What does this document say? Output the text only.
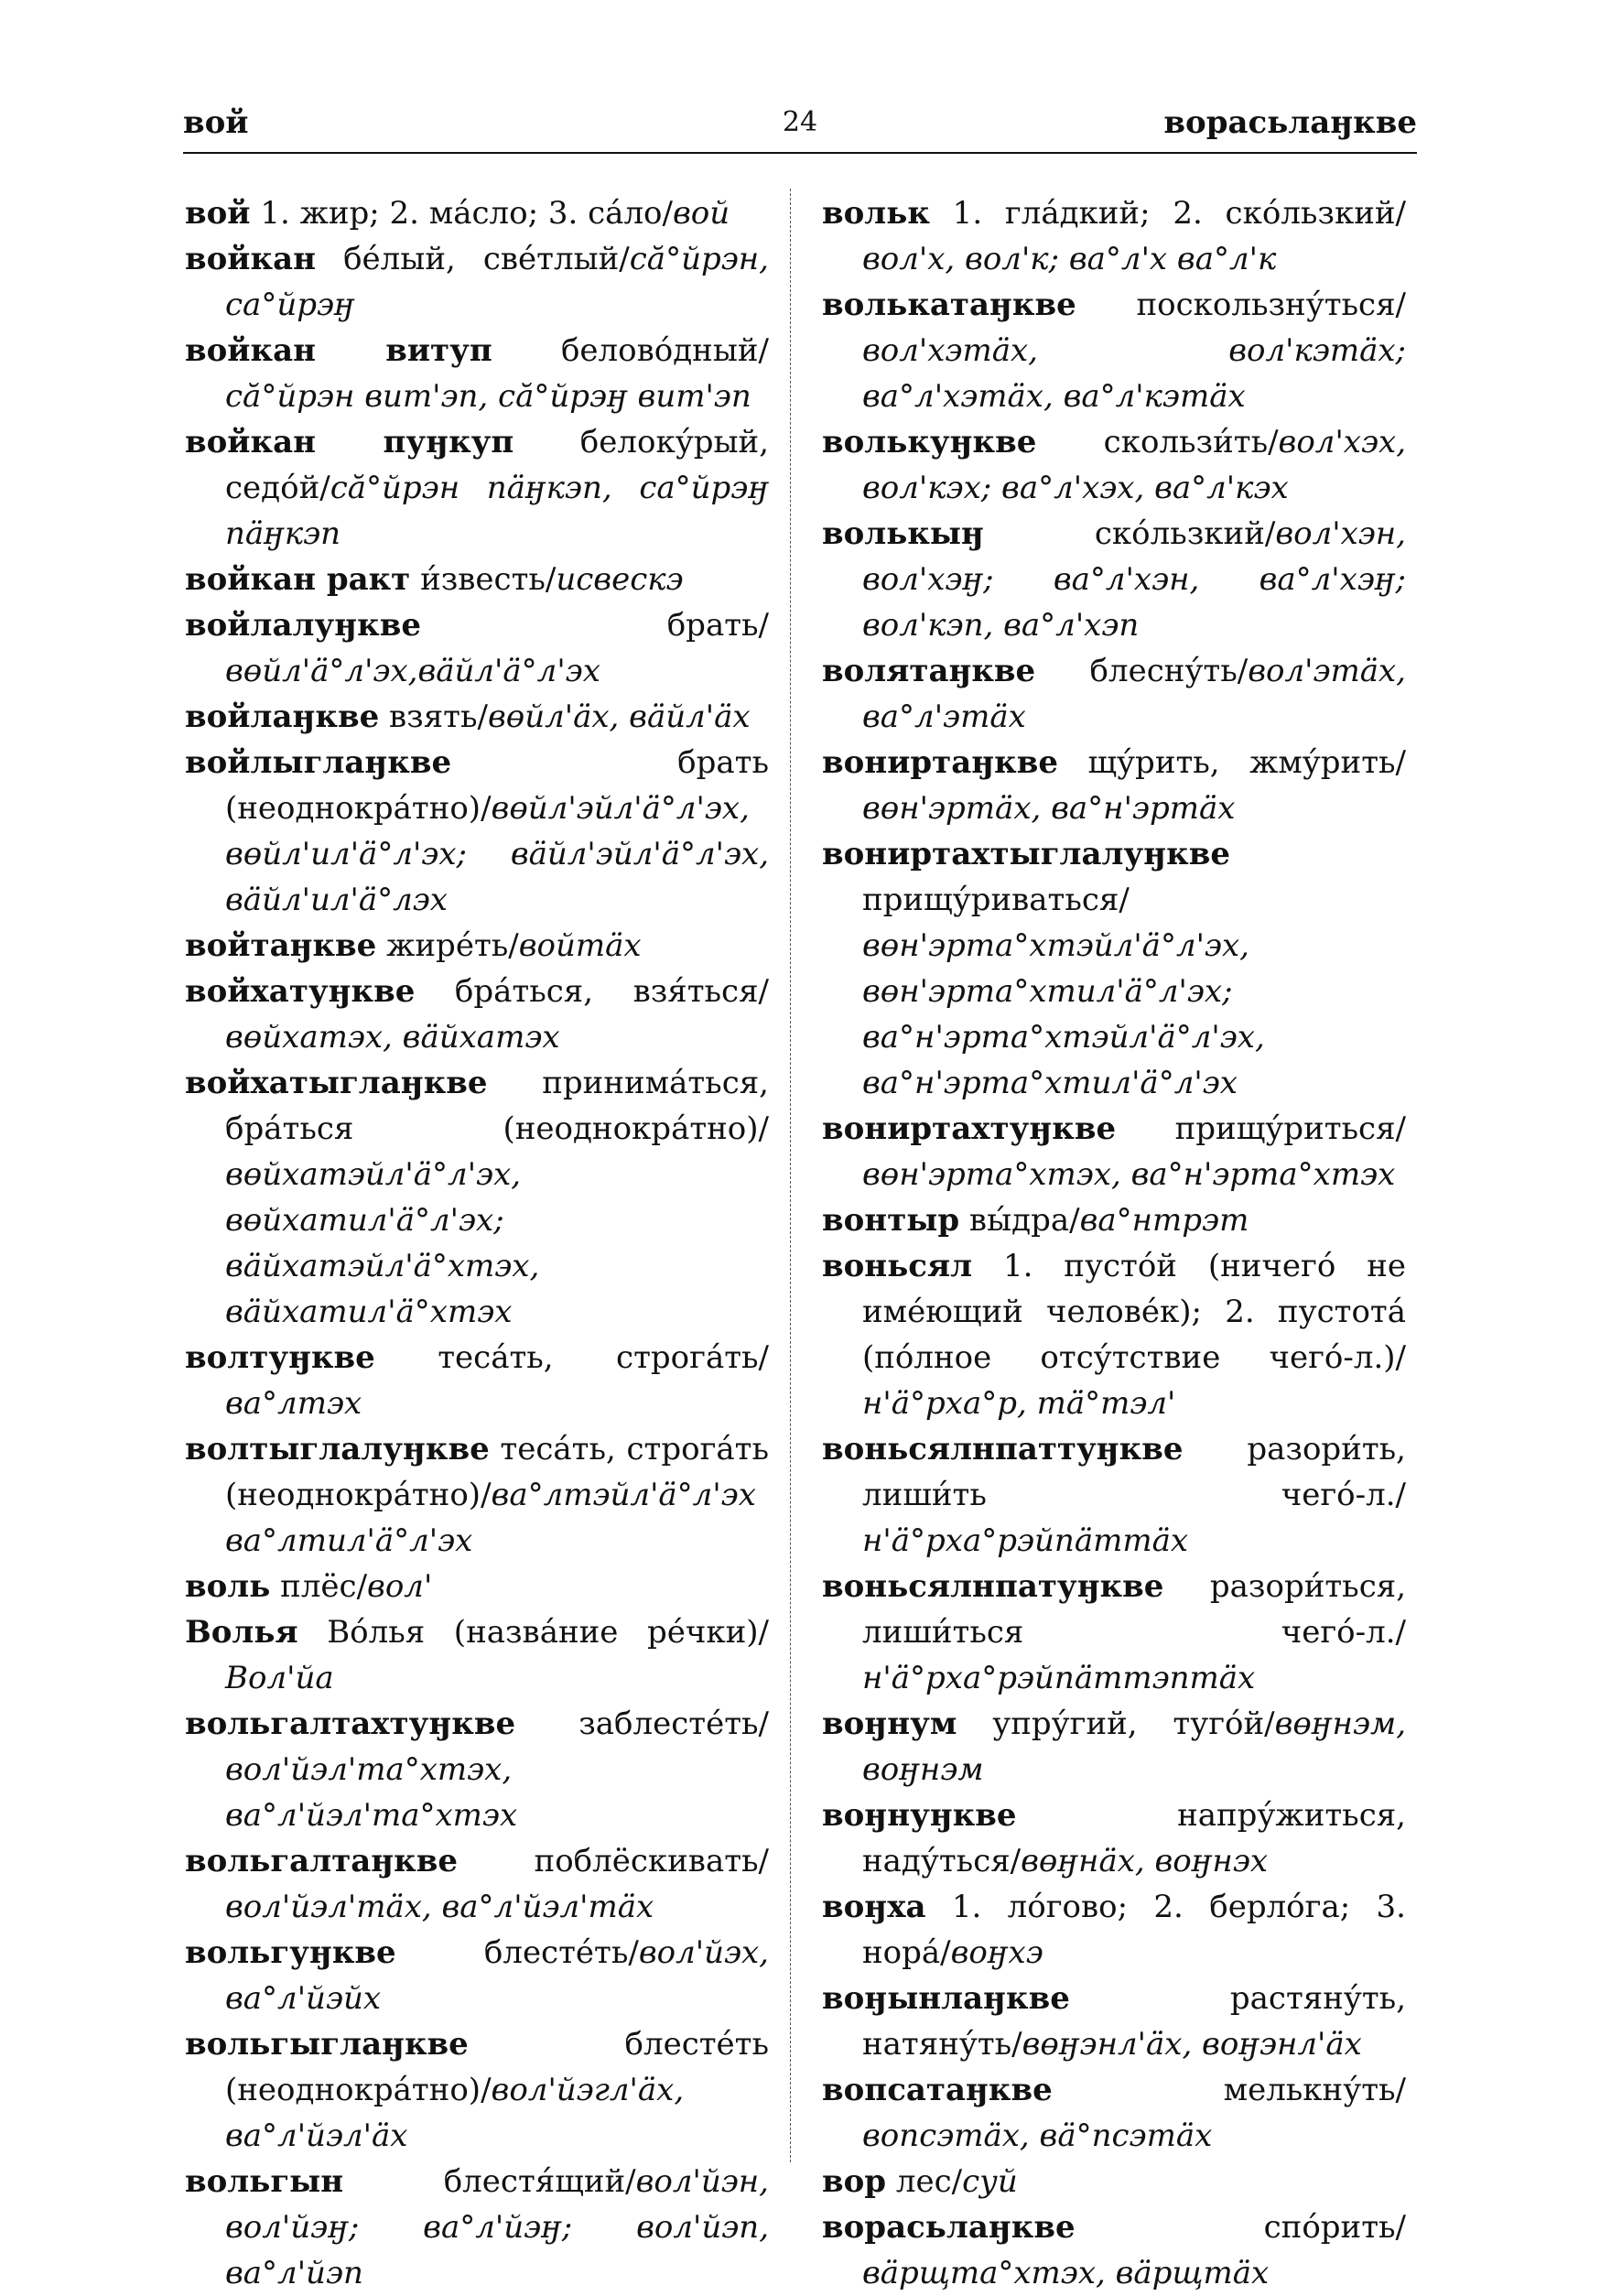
вой	24	ворасьлаӈкве
вой 1. жир; 2. ма́сло; 3. са́ло/вой
войкан бе́лый, све́тлый/сӑ°йрэн, са°йрэӈ
войкан витуп белово́дный/сӑ°йрэн вит'эп, сӑ°йрэӈ вит'эп
войкан пуӈкуп белоку́рый, седо́й/сӑ°йрэн пӓӈкэп, са°йрэӈ пӓӈкэп
войкан ракт и́звесть/исвескэ
войлалуӈкве брать/вөйл'ӓ°л'эх,вӓйл'ӓ°л'эх
войлаӈкве взять/вөйл'ӓх, вӓйл'ӓх
войлыглаӈкве брать (неоднокра́тно)/вөйл'эйл'ӓ°л'эх, вөйл'ил'ӓ°л'эх; вӓйл'эйл'ӓ°л'эх, вӓйл'ил'ӓ°лэх
войтаӈкве жире́ть/войтӓх
войхатуӈкве бра́ться, взя́ться/вөйхатэх, вӓйхатэх
войхатыглаӈкве принима́ться, бра́ться (неоднокра́тно)/вөйхатэйл'ӓ°л'эх, вөйхатил'ӓ°л'эх; вӓйхатэйл'ӓ°хтэх, вӓйхатил'ӓ°хтэх
волтуӈкве теса́ть, строга́ть/ва°лтэх
волтыглалуӈкве теса́ть, строга́ть (неоднокра́тно)/ва°лтэйл'ӓ°л'эх ва°лтил'ӓ°л'эх
воль плёс/вол'
Волья Во́лья (назва́ние ре́чки)/Вол'йа
вольгалтахтуӈкве заблесте́ть/вол'йэл'та°хтэх, ва°л'йэл'та°хтэх
вольгалтаӈкве поблёскивать/вол'йэл'тӓх, ва°л'йэл'тӓх
вольгуӈкве блесте́ть/вол'йэх, ва°л'йэйх
вольгыглаӈкве блесте́ть (неоднокра́тно)/вол'йэгл'ӓх, ва°л'йэл'ӓх
вольгын блестя́щий/вол'йэн, вол'йэӈ; ва°л'йэӈ; вол'йэп, ва°л'йэп
вольк 1. гла́дкий; 2. ско́льзкий/вол'х, вол'к; ва°л'х ва°л'к
волькатаӈкве поскользну́ться/вол'хэтӓх, вол'кэтӓх; ва°л'хэтӓх, ва°л'кэтӓх
волькуӈкве скользи́ть/вол'хэх, вол'кэх; ва°л'хэх, ва°л'кэх
волькыӈ ско́льзкий/вол'хэн, вол'хэӈ; ва°л'хэн, ва°л'хэӈ; вол'кэп, ва°л'хэп
волятаӈкве блесну́ть/вол'этӓх, ва°л'этӓх
вониртаӈкве щу́рить, жму́рить/вөн'эртӓх, ва°н'эртӓх
вониртахтыглалуӈкве прищу́риваться/вөн'эрта°хтэйл'ӓ°л'эх, вөн'эрта°хтил'ӓ°л'эх; ва°н'эрта°хтэйл'ӓ°л'эх, ва°н'эрта°хтил'ӓ°л'эх
вониртахтуӈкве прищу́риться/вөн'эрта°хтэх, ва°н'эрта°хтэх
вонтыр вы́дра/ва°нтрэт
воньсял 1. пусто́й (ничего́ не име́ющий челове́к); 2. пустота́ (по́лное отсу́тствие чего́-л.)/н'ӓ°рха°р, тӓ°тэл'
воньсялнпаттуӈкве разори́ть, лиши́ть чего́-л./н'ӓ°рха°рэйпӓттӓх
воньсялнпатуӈкве разори́ться, лиши́ться чего́-л./н'ӓ°рха°рэйпӓттэптӓх
воӈнум упру́гий, туго́й/вөӈнэм, воӈнэм
воӈнуӈкве напру́житься, наду́ться/вөӈнӓх, воӈнэх
воӈха 1. ло́гово; 2. берло́га; 3. нора́/воӈхэ
воӈынлаӈкве растяну́ть, натяну́ть/вөӈэнл'ӓх, воӈэнл'ӓх
вопсатаӈкве мелькну́ть/вопсэтӓх, вӓ°псэтӓх
вор лес/суй
ворасьлаӈкве спо́рить/вӓрщта°хтэх, вӓрщтӓх
